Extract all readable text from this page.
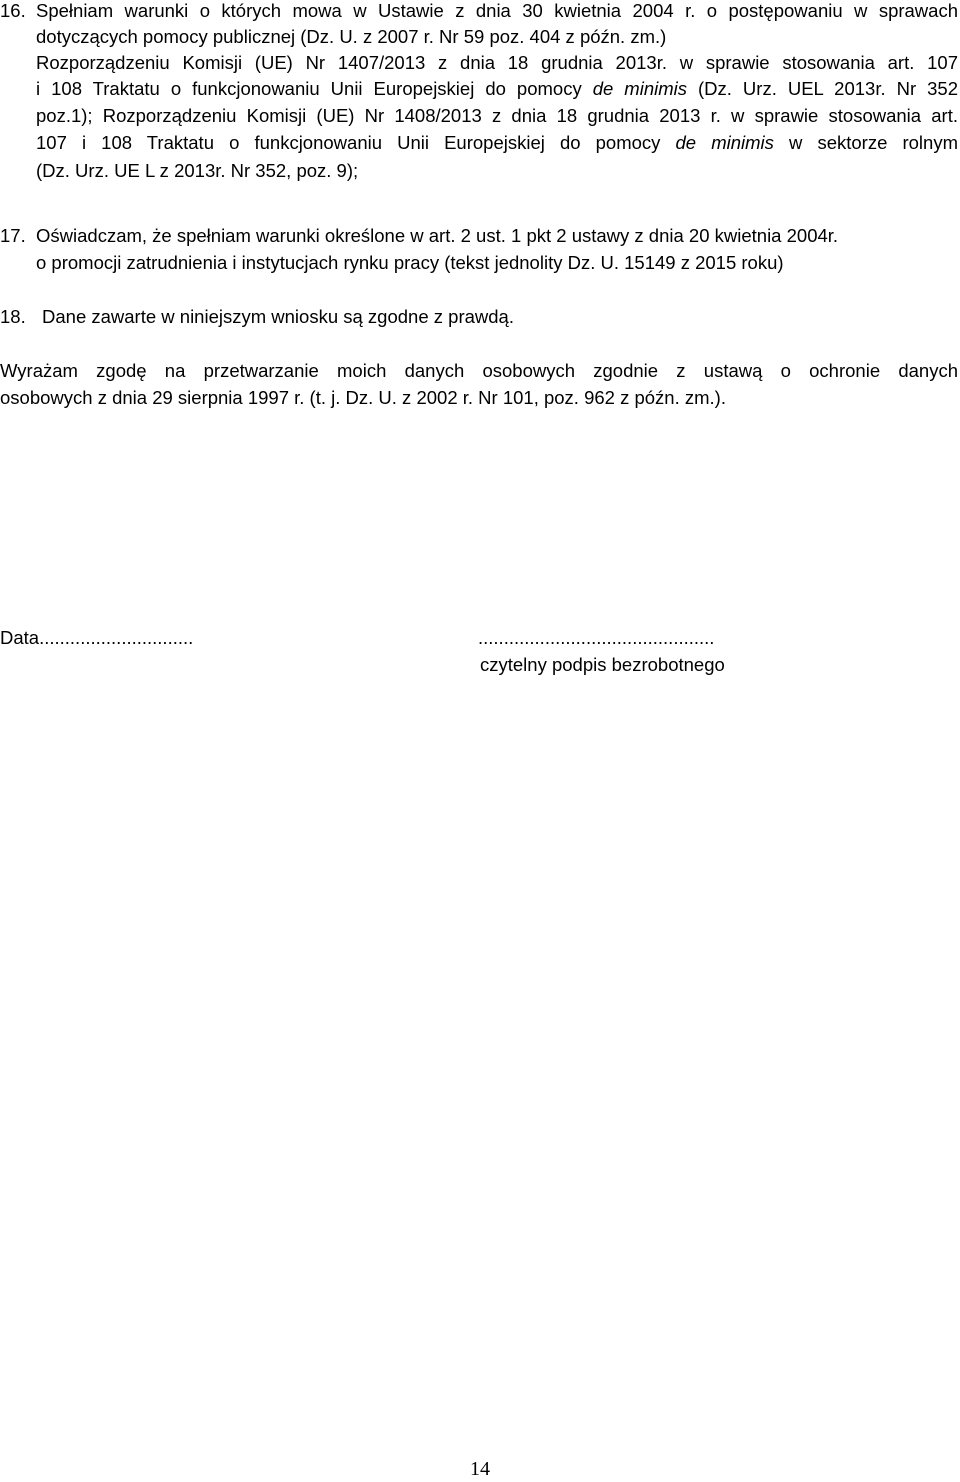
16. Spełniam warunki o których mowa w Ustawie z dnia 30 kwietnia 2004 r. o postępowaniu w sprawach
dotyczących pomocy publicznej (Dz. U. z 2007 r. Nr 59 poz. 404 z późn. zm.)
Rozporządzeniu Komisji (UE) Nr 1407/2013 z dnia 18 grudnia 2013r. w sprawie stosowania art. 107
i 108 Traktatu o funkcjonowaniu Unii Europejskiej do pomocy de minimis (Dz. Urz. UEL 2013r. Nr 352
poz.1); Rozporządzeniu Komisji (UE) Nr 1408/2013 z dnia 18 grudnia 2013 r. w sprawie stosowania art.
107 i 108 Traktatu o funkcjonowaniu Unii Europejskiej do pomocy de minimis w sektorze rolnym
(Dz. Urz. UE L z 2013r. Nr 352, poz. 9);
17. Oświadczam, że spełniam warunki określone w art. 2 ust. 1 pkt 2 ustawy z dnia 20 kwietnia 2004r.
o promocji zatrudnienia i instytucjach rynku pracy (tekst jednolity Dz. U. 15149 z 2015 roku)
18. Dane zawarte w niniejszym wniosku są zgodne z prawdą.
Wyrażam zgodę na przetwarzanie moich danych osobowych zgodnie z ustawą o ochronie danych
osobowych z dnia 29 sierpnia 1997 r. (t. j. Dz. U. z 2002 r. Nr 101, poz. 962 z późn. zm.).
Data..............................	..............................................
czytelny podpis bezrobotnego
14
